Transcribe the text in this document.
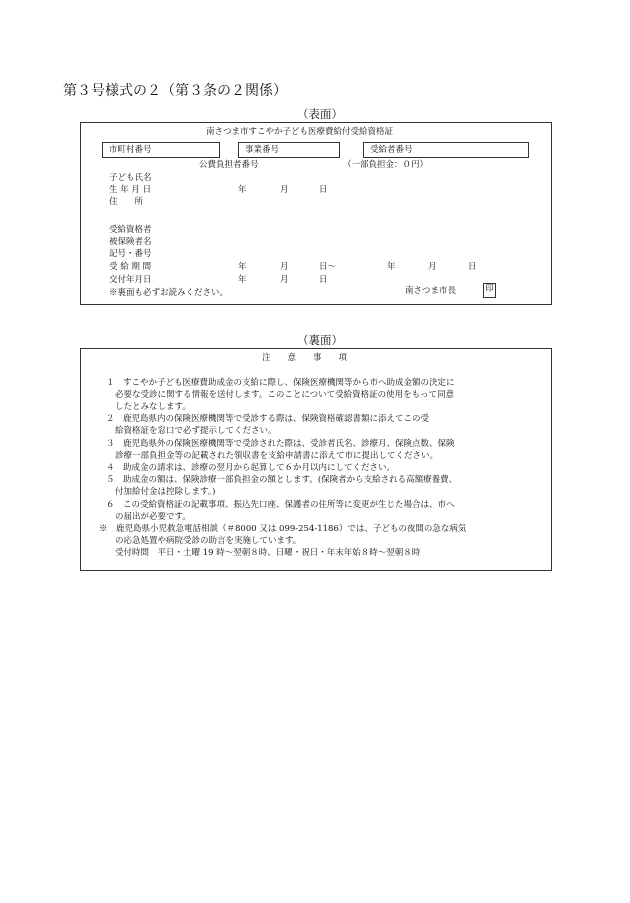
第３号様式の２（第３条の２関係）
（表面）
南さつま市すこやか子ども医療費給付受給資格証
市町村番号	事業番号	受給者番号
公費負担者番号	（一部負担金：０円）
子ども氏名
生 年 月 日	年	月	日
住　　所
受給資格者
被保険者名
記号・番号
受 給 期 間	年	月	日～	年	月	日
交付年月日	年	月	日
※裏面も必ずお読みください。	南さつま市長	印
（裏面）
注　　意　　事　　項
１　すこやか子ども医療費助成金の支給に際し、保険医療機関等から市へ助成金額の決定に
必要な受診に関する情報を送付します。このことについて受給資格証の使用をもって同意
したとみなします。
２　鹿児島県内の保険医療機関等で受診する際は、保険資格確認書類に添えてこの受
給資格証を窓口で必ず提示してください。
３　鹿児島県外の保険医療機関等で受診された際は、受診者氏名、診療月、保険点数、保険
診療一部負担金等の記載された領収書を支給申請書に添えて市に提出してください。
４　助成金の請求は、診療の翌月から起算して６か月以内にしてください。
５　助成金の額は、保険診療一部負担金の額とします。(保険者から支給される高額療養費、
付加給付金は控除します。)
６　この受給資格証の記載事項、振込先口座、保護者の住所等に変更が生じた場合は、市へ
の届出が必要です。
※　鹿児島県小児救急電話相談（＃8000 又は 099-254-1186）では、子どもの夜間の急な病気
の応急処置や病院受診の助言を実施しています。
受付時間　平日・土曜 19 時～翌朝８時、日曜・祝日・年末年始８時～翌朝８時
